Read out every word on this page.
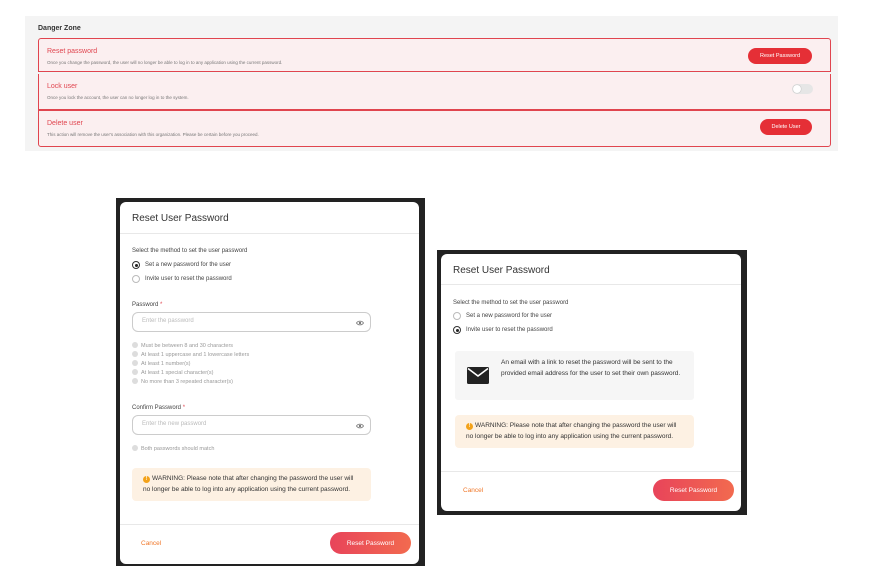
Danger Zone
Reset password
Once you change the password, the user will no longer be able to log in to any application using the current password.
Reset Password
Lock user
Once you lock the account, the user can no longer log in to the system.
Delete user
This action will remove the user's association with this organization. Please be certain before you proceed.
Delete User
Reset User Password
Select the method to set the user password
Set a new password for the user
Invite user to reset the password
Password *
Enter the password
Must be between 8 and 30 characters
At least 1 uppercase and 1 lowercase letters
At least 1 number(s)
At least 1 special character(s)
No more than 3 repeated character(s)
Confirm Password *
Enter the new password
Both passwords should match
! WARNING: Please note that after changing the password the user will no longer be able to log into any application using the current password.
Cancel	Reset Password
Reset User Password
Select the method to set the user password
Set a new password for the user
Invite user to reset the password
An email with a link to reset the password will be sent to the provided email address for the user to set their own password.
! WARNING: Please note that after changing the password the user will no longer be able to log into any application using the current password.
Cancel	Reset Password
